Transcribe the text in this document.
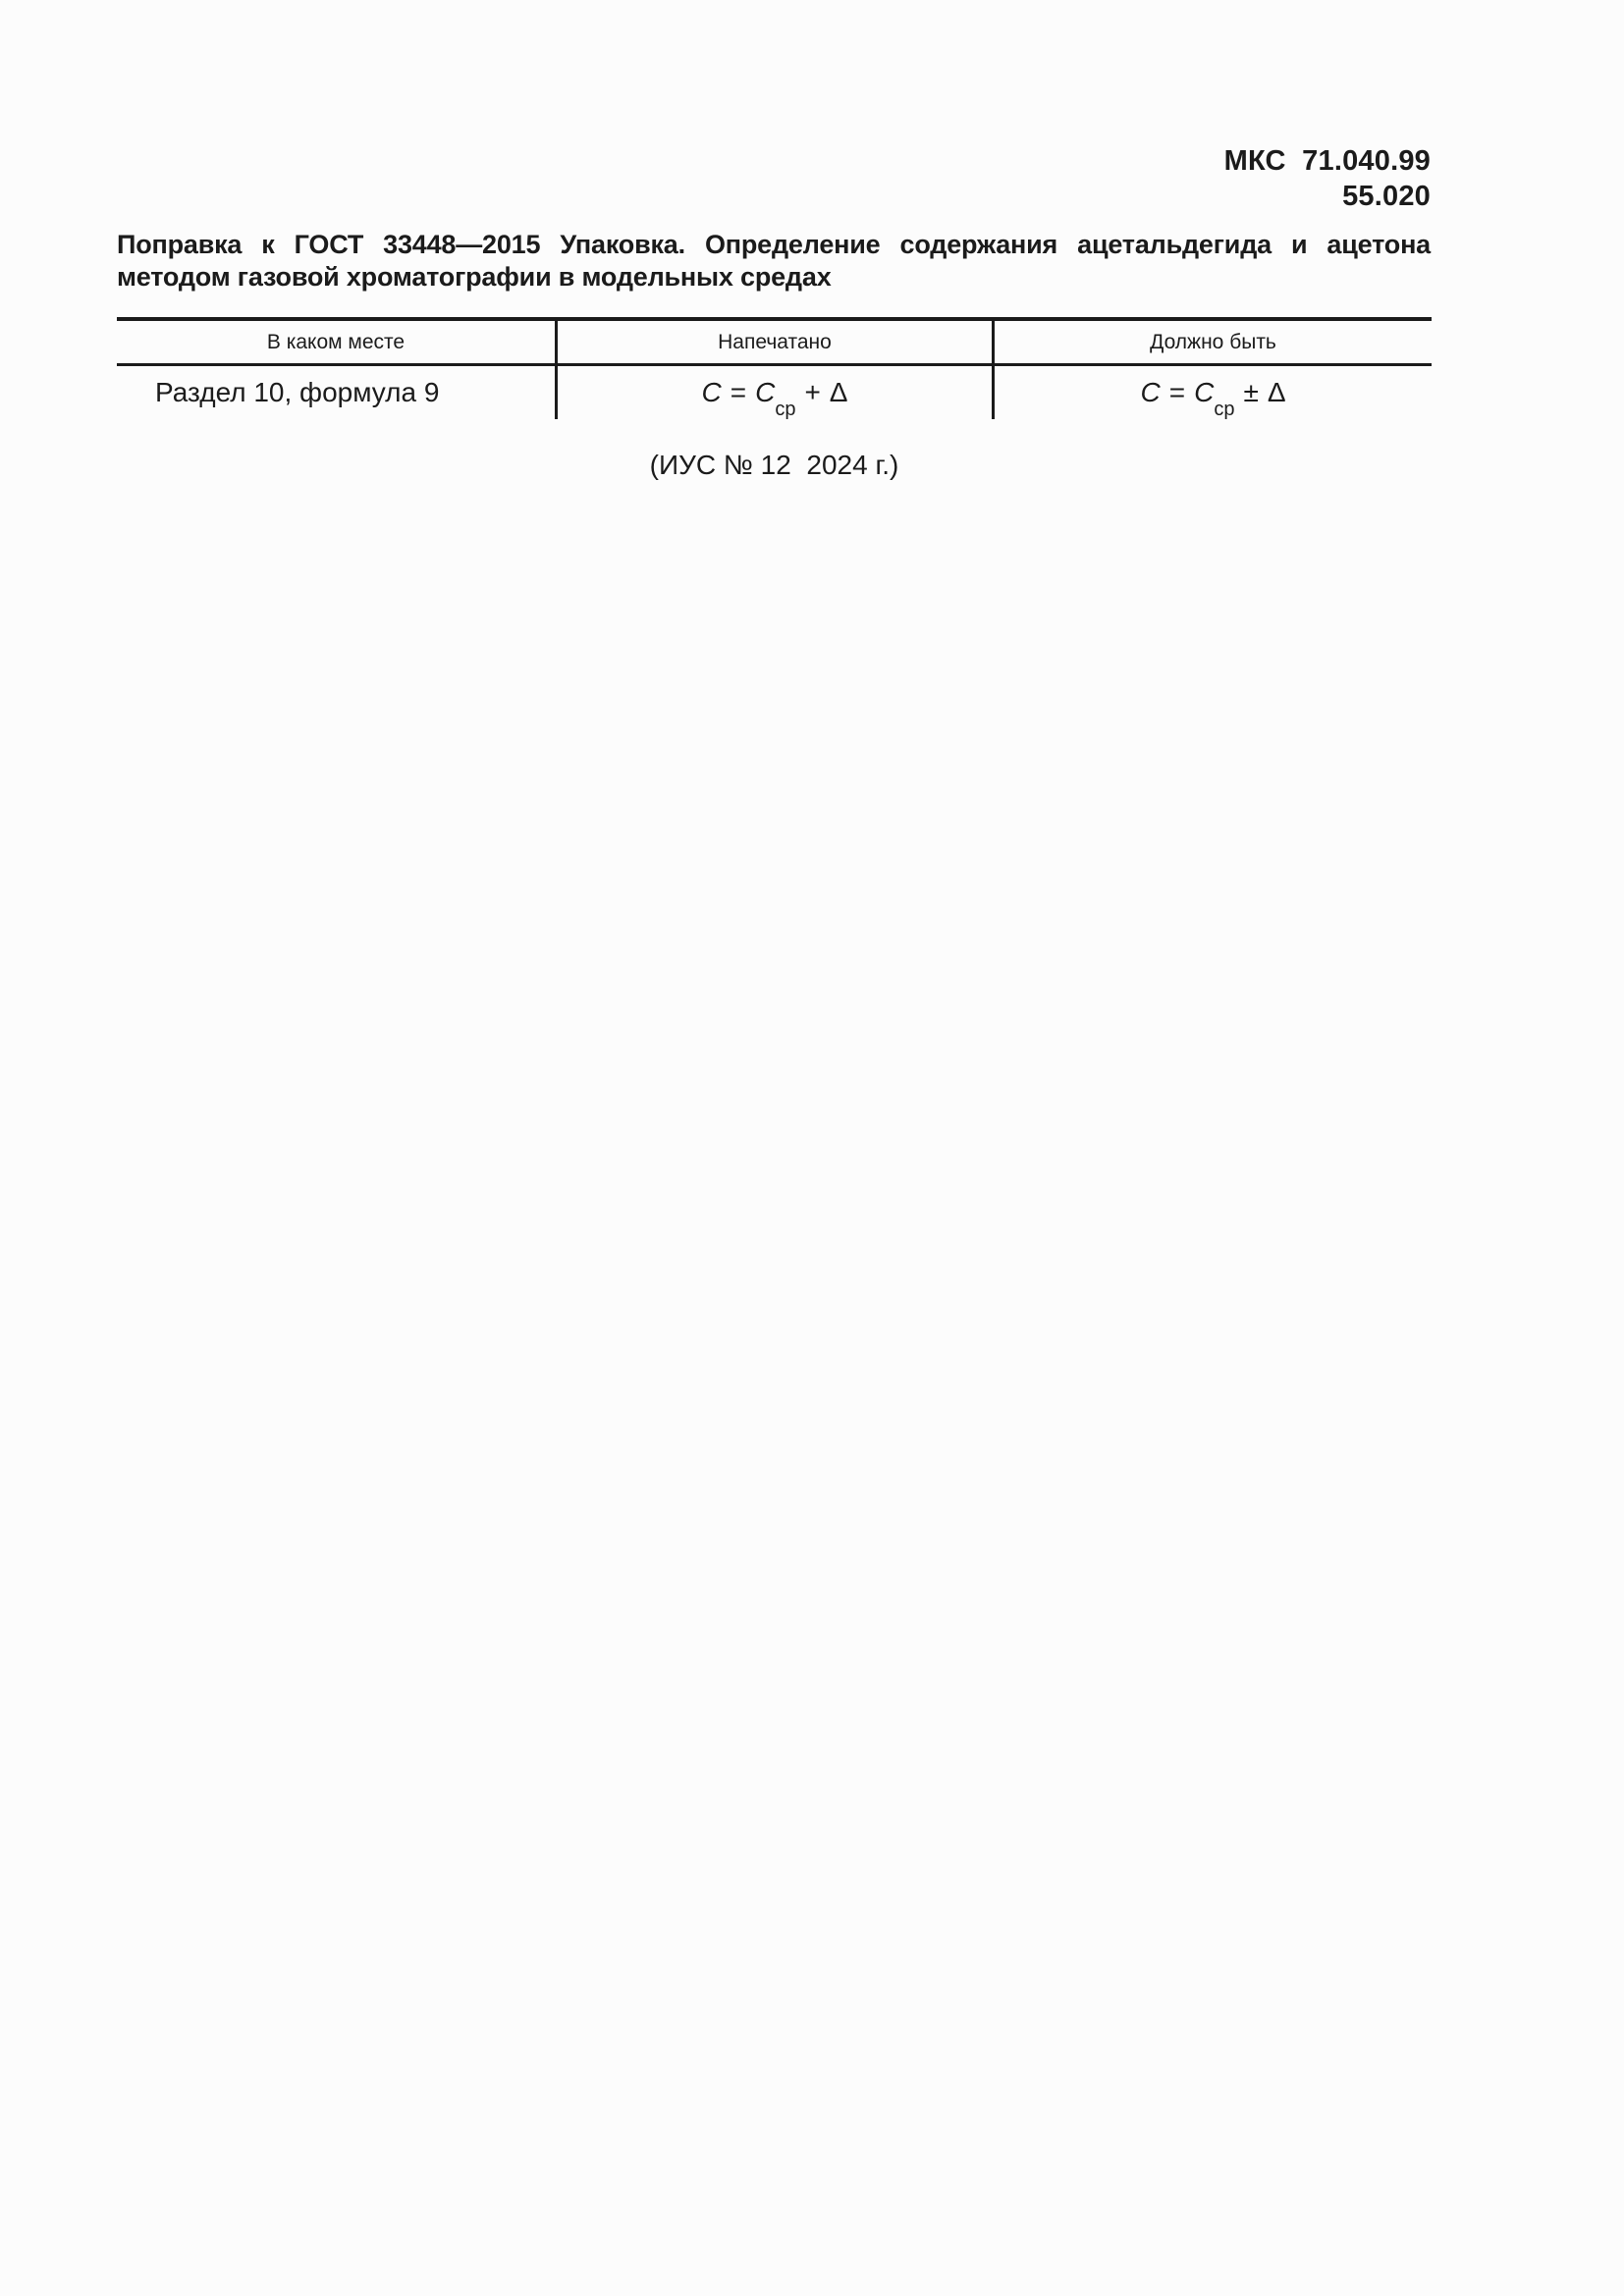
МКС  71.040.99
55.020
Поправка к ГОСТ 33448—2015 Упаковка. Определение содержания ацетальдегида и ацетона
методом газовой хроматографии в модельных средах
В каком месте	Напечатано	Должно быть
Раздел 10, формула 9	$С = С_{ср}+ \Delta$	$С = С_{ср}\pm \Delta$
(ИУС № 12  2024 г.)
